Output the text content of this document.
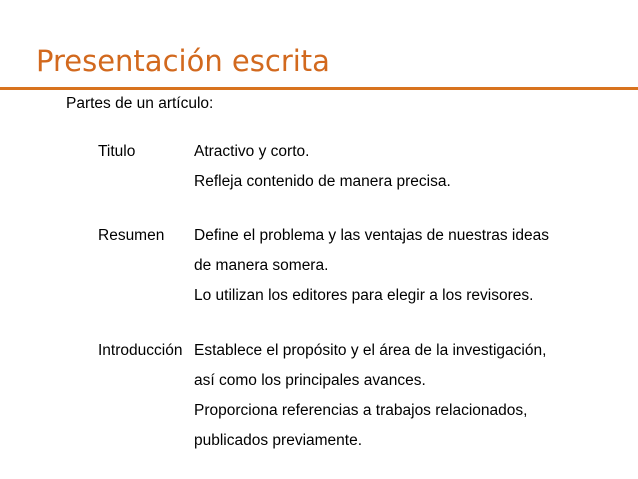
Presentación escrita
Partes de un artículo:
Titulo	Atractivo y corto.
Refleja contenido de manera precisa.
Resumen Define el problema y las ventajas de nuestras ideas
de manera somera.
Lo utilizan los editores para elegir a los revisores.
Introducción Establece el propósito y el área de la investigación,
así como los principales avances.
Proporciona referencias a trabajos relacionados,
publicados previamente.
